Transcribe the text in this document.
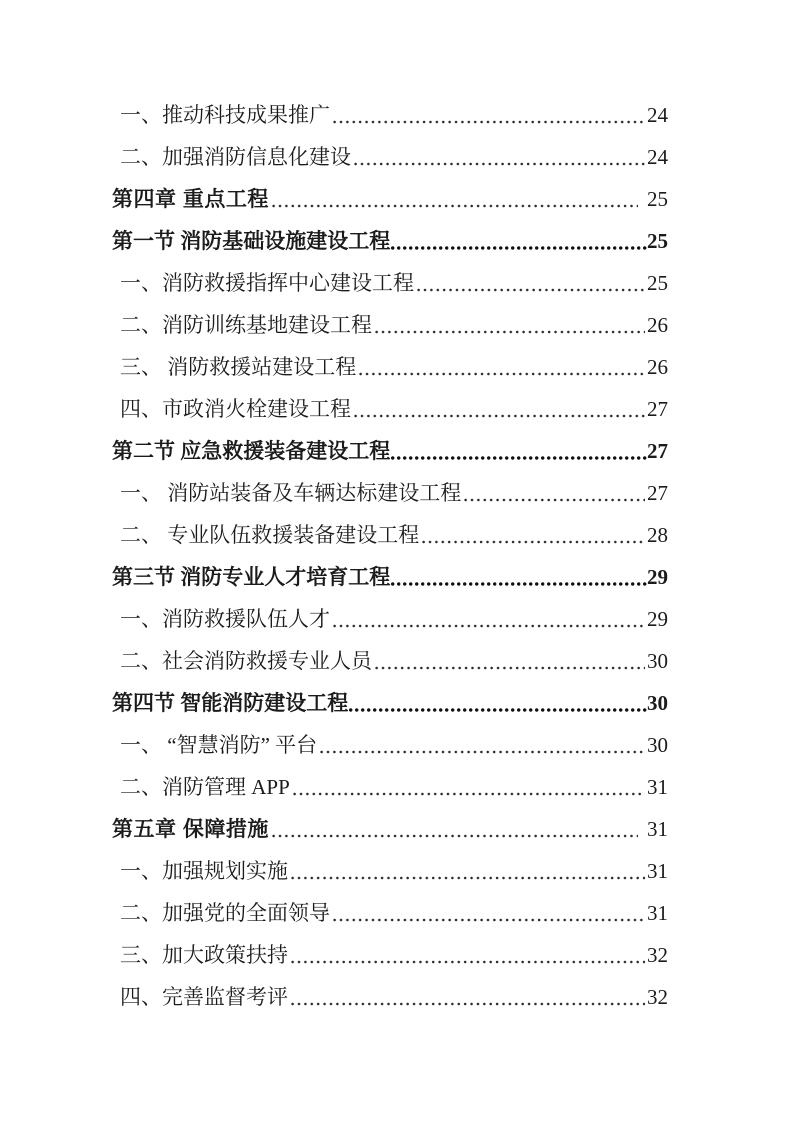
一、推动科技成果推广	24
二、加强消防信息化建设	24
第四章 重点工程	25
第一节 消防基础设施建设工程	25
一、消防救援指挥中心建设工程	25
二、消防训练基地建设工程	26
三、 消防救援站建设工程	26
四、市政消火栓建设工程	27
第二节 应急救援装备建设工程	27
一、 消防站装备及车辆达标建设工程	27
二、 专业队伍救援装备建设工程	28
第三节 消防专业人才培育工程	29
一、消防救援队伍人才	29
二、社会消防救援专业人员	30
第四节 智能消防建设工程	30
一、 “智慧消防” 平台	30
二、消防管理 APP	31
第五章 保障措施	31
一、加强规划实施	31
二、加强党的全面领导	31
三、加大政策扶持	32
四、完善监督考评	32
